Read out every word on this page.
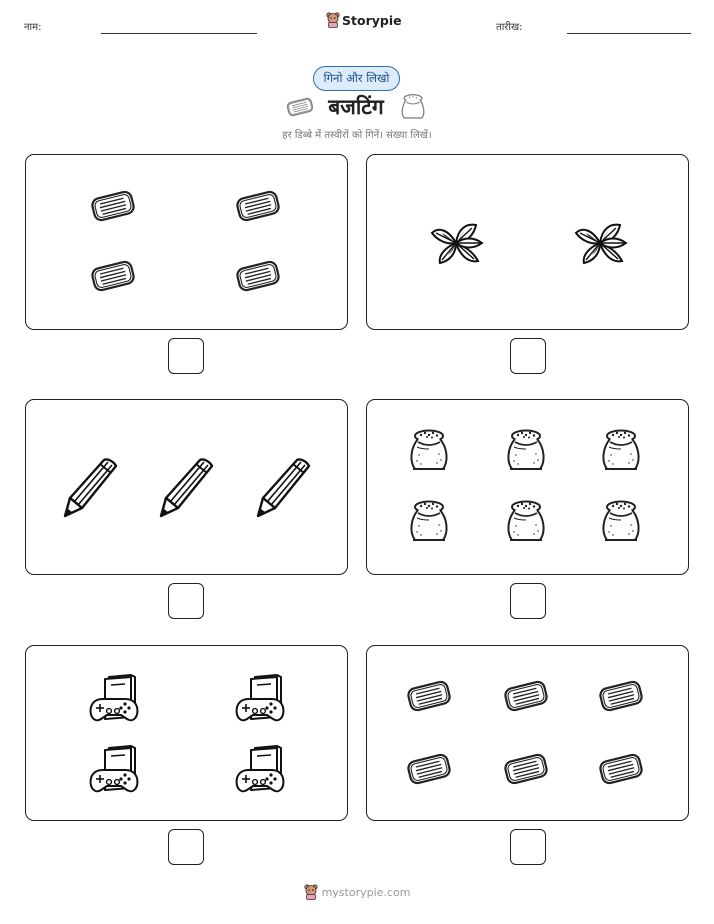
नाम:	Storypie	तारीख:
गिनो और लिखो
बजटिंग
हर डिब्बे में तस्वीरों को गिनें। संख्या लिखें।
mystorypie.com
